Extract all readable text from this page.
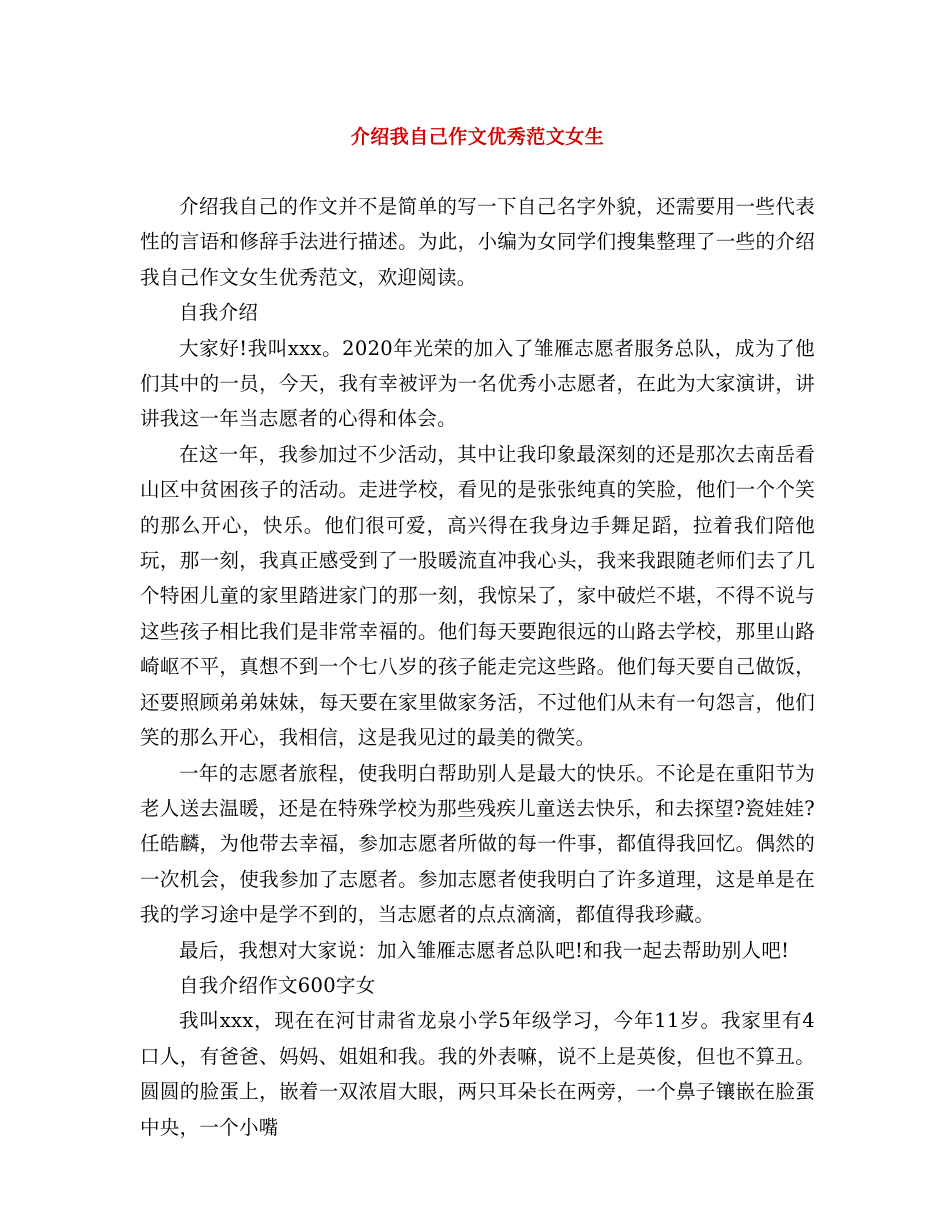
介绍我自己作文优秀范文女生

介绍我自己的作文并不是简单的写一下自己名字外貌，还需要用一些代表性的言语和修辞手法进行描述。为此，小编为女同学们搜集整理了一些的介绍我自己作文女生优秀范文，欢迎阅读。

自我介绍

大家好!我叫xxx。2020年光荣的加入了雏雁志愿者服务总队，成为了他们其中的一员，今天，我有幸被评为一名优秀小志愿者，在此为大家演讲，讲讲我这一年当志愿者的心得和体会。

在这一年，我参加过不少活动，其中让我印象最深刻的还是那次去南岳看山区中贫困孩子的活动。走进学校，看见的是张张纯真的笑脸，他们一个个笑的那么开心，快乐。他们很可爱，高兴得在我身边手舞足蹈，拉着我们陪他玩，那一刻，我真正感受到了一股暖流直冲我心头，我来我跟随老师们去了几个特困儿童的家里踏进家门的那一刻，我惊呆了，家中破烂不堪，不得不说与这些孩子相比我们是非常幸福的。他们每天要跑很远的山路去学校，那里山路崎岖不平，真想不到一个七八岁的孩子能走完这些路。他们每天要自己做饭，还要照顾弟弟妹妹，每天要在家里做家务活，不过他们从未有一句怨言，他们笑的那么开心，我相信，这是我见过的最美的微笑。

一年的志愿者旅程，使我明白帮助别人是最大的快乐。不论是在重阳节为老人送去温暖，还是在特殊学校为那些残疾儿童送去快乐，和去探望?瓷娃娃?任皓麟，为他带去幸福，参加志愿者所做的每一件事，都值得我回忆。偶然的一次机会，使我参加了志愿者。参加志愿者使我明白了许多道理，这是单是在我的学习途中是学不到的，当志愿者的点点滴滴，都值得我珍藏。

最后，我想对大家说：加入雏雁志愿者总队吧!和我一起去帮助别人吧!

自我介绍作文600字女

我叫xxx，现在在河甘肃省龙泉小学5年级学习，今年11岁。我家里有4口人，有爸爸、妈妈、姐姐和我。我的外表嘛，说不上是英俊，但也不算丑。圆圆的脸蛋上，嵌着一双浓眉大眼，两只耳朵长在两旁，一个鼻子镶嵌在脸蛋中央，一个小嘴
